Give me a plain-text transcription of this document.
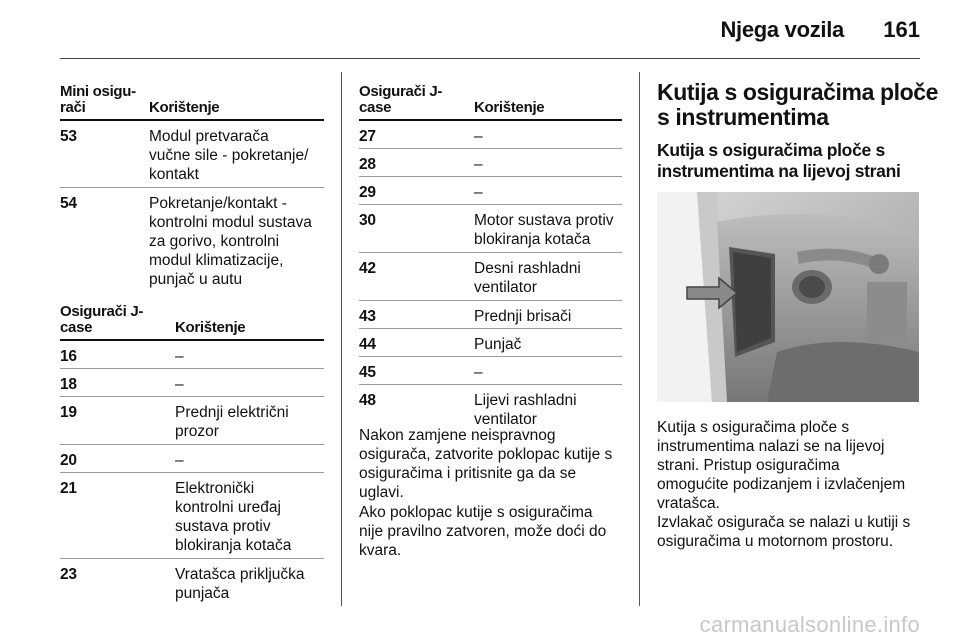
Njega vozila 161
Mini osigu-
rači	Korištenje
53	Modul pretvarača
vučne sile - pokretanje/
kontakt
54	Pokretanje/kontakt -
kontrolni modul sustava
za gorivo, kontrolni
modul klimatizacije,
punjač u autu
Osigurači J-
case	Korištenje
16	–
18	–
19	Prednji električni
prozor
20	–
21	Elektronički
kontrolni uređaj
sustava protiv
blokiranja kotača
23	Vratašca priključka
punjača
Osigurači J-
case	Korištenje
27	–
28	–
29	–
30	Motor sustava protiv
blokiranja kotača
42	Desni rashladni
ventilator
43	Prednji brisači
44	Punjač
45	–
48	Lijevi rashladni
ventilator
Nakon zamjene neispravnog
osigurača, zatvorite poklopac kutije s
osiguračima i pritisnite ga da se
uglavi.
Ako poklopac kutije s osiguračima
nije pravilno zatvoren, može doći do
kvara.
Kutija s osiguračima ploče
s instrumentima
Kutija s osiguračima ploče s
instrumentima na lijevoj strani
Kutija s osiguračima ploče s
instrumentima nalazi se na lijevoj
strani. Pristup osiguračima
omogućite podizanjem i izvlačenjem
vratašca.
Izvlakač osigurača se nalazi u kutiji s
osiguračima u motornom prostoru.
carmanualsonline.info
